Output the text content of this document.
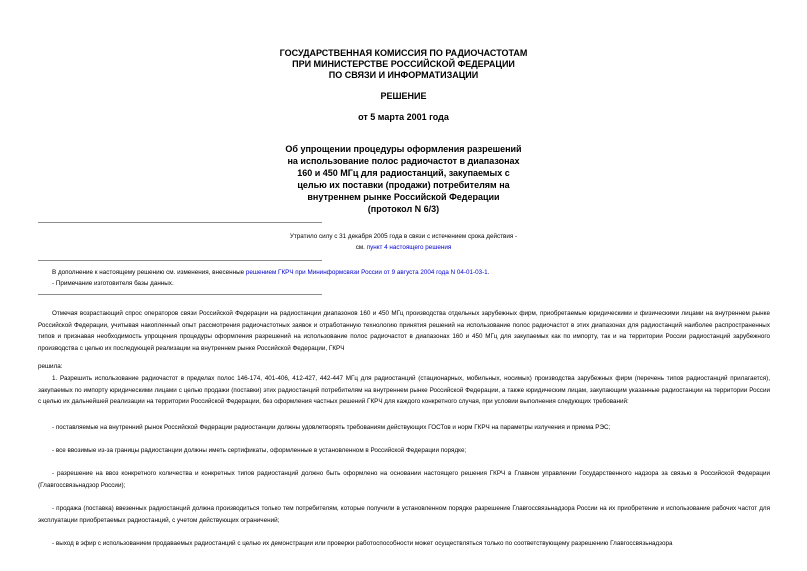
ГОСУДАРСТВЕННАЯ КОМИССИЯ ПО РАДИОЧАСТОТАМ
ПРИ МИНИСТЕРСТВЕ РОССИЙСКОЙ ФЕДЕРАЦИИ
ПО СВЯЗИ И ИНФОРМАТИЗАЦИИ
РЕШЕНИЕ
от 5 марта 2001 года
Об упрощении процедуры оформления разрешений
на использование полос радиочастот в диапазонах
160 и 450 МГц для радиостанций, закупаемых с
целью их поставки (продажи) потребителям на
внутреннем рынке Российской Федерации
(протокол N 6/3)
Утратило силу с 31 декабря 2005 года в связи с истечением срока действия -
см. пункт 4 настоящего решения
В дополнение к настоящему решению см. изменения, внесенные решением ГКРЧ при Мининформсвязи России от 9 августа 2004 года N 04-01-03-1.
- Примечание изготовителя базы данных.
Отмечая возрастающий спрос операторов связи Российской Федерации на радиостанции диапазонов 160 и 450 МГц производства отдельных зарубежных фирм, приобретаемые юридическими и физическими лицами на внутреннем рынке Российской Федерации, учитывая накопленный опыт рассмотрения радиочастотных заявок и отработанную технологию принятия решений на использование полос радиочастот в этих диапазонах для радиостанций наиболее распространенных типов и признавая необходимость упрощения процедуры оформления разрешений на использование полос радиочастот в диапазонах 160 и 450 МГц для закупаемых как по импорту, так и на территории России радиостанций зарубежного производства с целью их последующей реализации на внутреннем рынке Российской Федерации, ГКРЧ
решила:
1. Разрешить использование радиочастот в пределах полос 146-174, 401-406, 412-427, 442-447 МГц для радиостанций (стационарных, мобильных, носимых) производства зарубежных фирм (перечень типов радиостанций прилагается), закупаемых по импорту юридическими лицами с целью продажи (поставки) этих радиостанций потребителям на внутреннем рынке Российской Федерации, а также юридическим лицам, закупающим указанные радиостанции на территории России с целью их дальнейшей реализации на территории Российской Федерации, без оформления частных решений ГКРЧ для каждого конкретного случая, при условии выполнения следующих требований:
- поставляемые на внутренний рынок Российской Федерации радиостанции должны удовлетворять требованиям действующих ГОСТов и норм ГКРЧ на параметры излучения и приема РЭС;
- все ввозимые из-за границы радиостанции должны иметь сертификаты, оформленные в установленном в Российской Федерации порядке;
- разрешение на ввоз конкретного количества и конкретных типов радиостанций должно быть оформлено на основании настоящего решения ГКРЧ в Главном управлении Государственного надзора за связью в Российской Федерации (Главгоссвязьнадзор России);
- продажа (поставка) ввезенных радиостанций должна производиться только тем потребителям, которые получили в установленном порядке разрешение Главгоссвязьнадзора России на их приобретение и использование рабочих частот для эксплуатации приобретаемых радиостанций, с учетом действующих ограничений;
- выход в эфир с использованием продаваемых радиостанций с целью их демонстрации или проверки работоспособности может осуществляться только по соответствующему разрешению Главгоссвязьнадзора
